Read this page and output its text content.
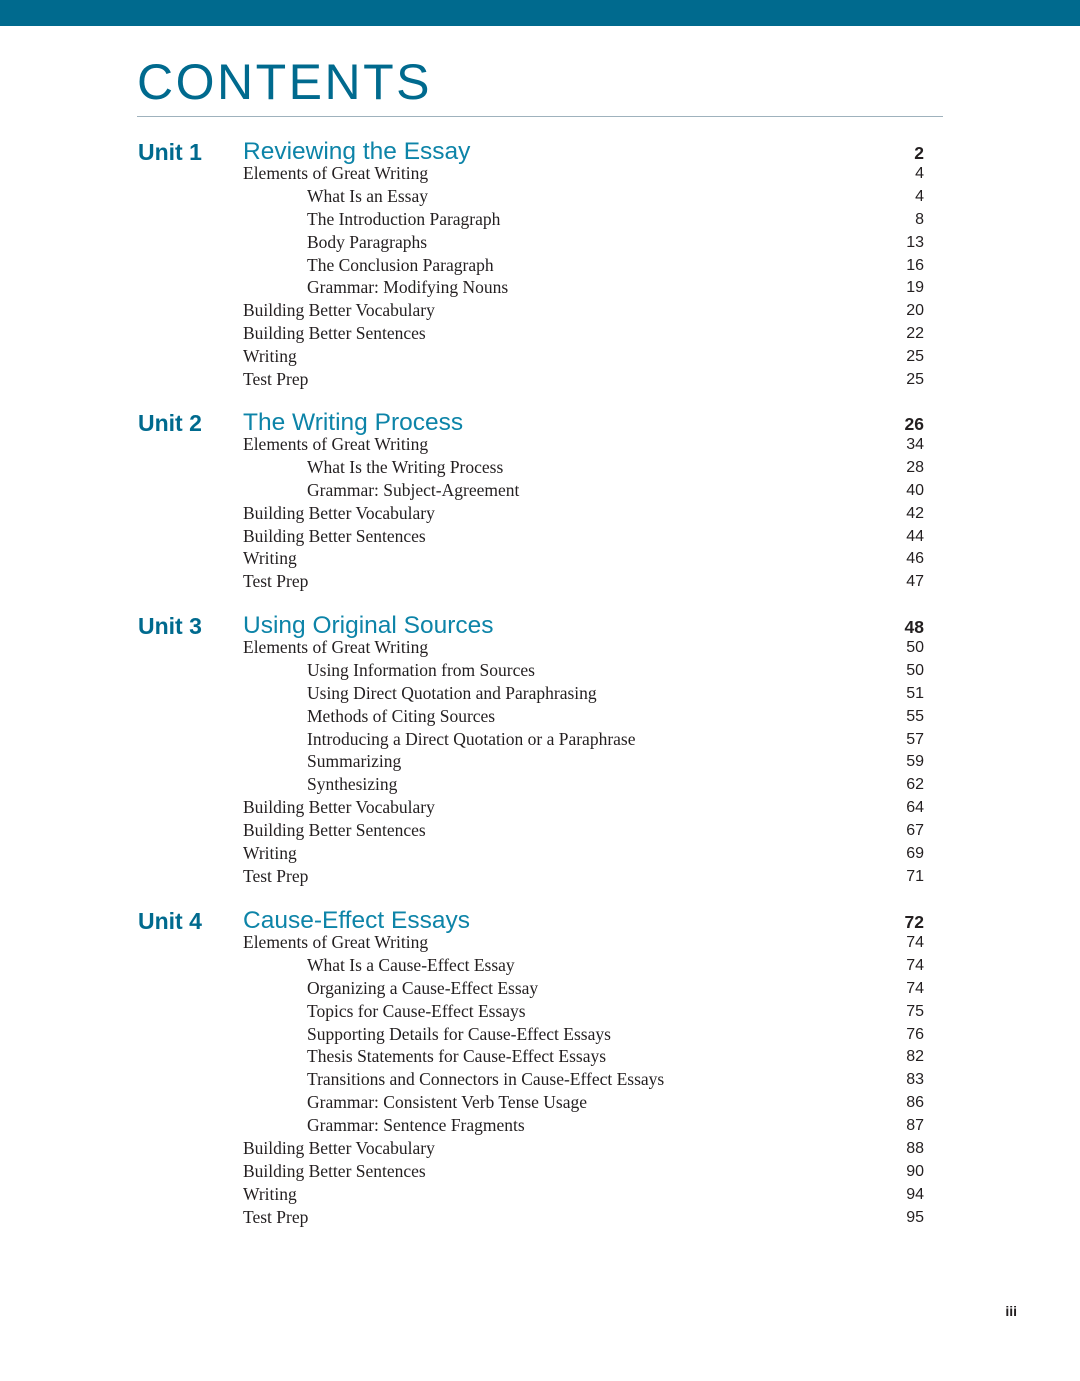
CONTENTS
Unit 1 Reviewing the Essay	2
Elements of Great Writing	4
What Is an Essay	4
The Introduction Paragraph	8
Body Paragraphs	13
The Conclusion Paragraph	16
Grammar: Modifying Nouns	19
Building Better Vocabulary	20
Building Better Sentences	22
Writing	25
Test Prep	25
Unit 2 The Writing Process	26
Elements of Great Writing	34
What Is the Writing Process	28
Grammar: Subject-Agreement	40
Building Better Vocabulary	42
Building Better Sentences	44
Writing	46
Test Prep	47
Unit 3 Using Original Sources	48
Elements of Great Writing	50
Using Information from Sources	50
Using Direct Quotation and Paraphrasing	51
Methods of Citing Sources	55
Introducing a Direct Quotation or a Paraphrase	57
Summarizing	59
Synthesizing	62
Building Better Vocabulary	64
Building Better Sentences	67
Writing	69
Test Prep	71
Unit 4 Cause-Effect Essays	72
Elements of Great Writing	74
What Is a Cause-Effect Essay	74
Organizing a Cause-Effect Essay	74
Topics for Cause-Effect Essays	75
Supporting Details for Cause-Effect Essays	76
Thesis Statements for Cause-Effect Essays	82
Transitions and Connectors in Cause-Effect Essays	83
Grammar: Consistent Verb Tense Usage	86
Grammar: Sentence Fragments	87
Building Better Vocabulary	88
Building Better Sentences	90
Writing	94
Test Prep	95
iii
